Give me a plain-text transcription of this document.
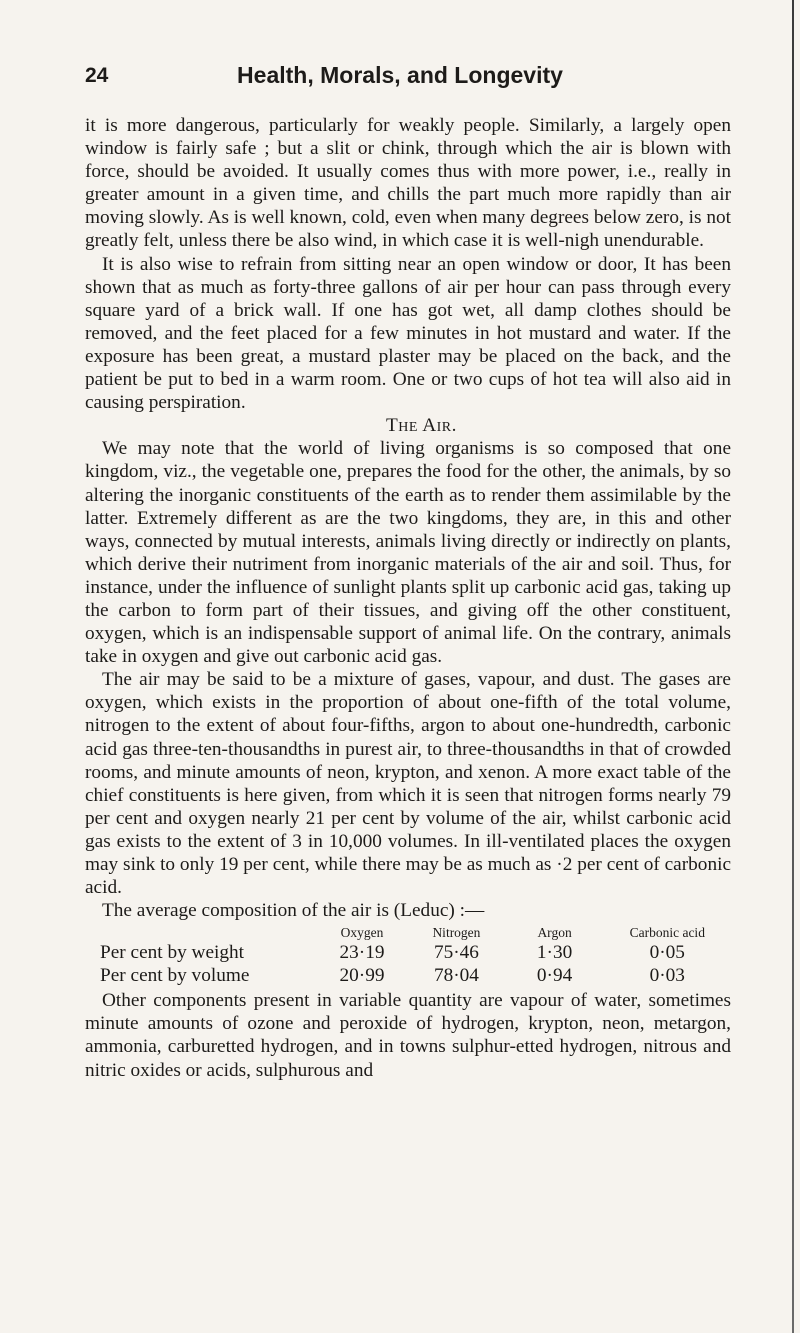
24	Health, Morals, and Longevity

it is more dangerous, particularly for weakly people. Similarly, a largely open window is fairly safe ; but a slit or chink, through which the air is blown with force, should be avoided. It usually comes thus with more power, i.e., really in greater amount in a given time, and chills the part much more rapidly than air moving slowly. As is well known, cold, even when many degrees below zero, is not greatly felt, unless there be also wind, in which case it is well-nigh unendurable.

It is also wise to refrain from sitting near an open window or door, It has been shown that as much as forty-three gallons of air per hour can pass through every square yard of a brick wall. If one has got wet, all damp clothes should be removed, and the feet placed for a few minutes in hot mustard and water. If the exposure has been great, a mustard plaster may be placed on the back, and the patient be put to bed in a warm room. One or two cups of hot tea will also aid in causing perspiration.

The Air.

We may note that the world of living organisms is so composed that one kingdom, viz., the vegetable one, prepares the food for the other, the animals, by so altering the inorganic constituents of the earth as to render them assimilable by the latter. Extremely different as are the two kingdoms, they are, in this and other ways, connected by mutual interests, animals living directly or indirectly on plants, which derive their nutriment from inorganic materials of the air and soil. Thus, for instance, under the influence of sunlight plants split up carbonic acid gas, taking up the carbon to form part of their tissues, and giving off the other constituent, oxygen, which is an indispensable support of animal life. On the contrary, animals take in oxygen and give out carbonic acid gas.

The air may be said to be a mixture of gases, vapour, and dust. The gases are oxygen, which exists in the proportion of about one-fifth of the total volume, nitrogen to the extent of about four-fifths, argon to about one-hundredth, carbonic acid gas three-ten-thousandths in purest air, to three-thousandths in that of crowded rooms, and minute amounts of neon, krypton, and xenon. A more exact table of the chief constituents is here given, from which it is seen that nitrogen forms nearly 79 per cent and oxygen nearly 21 per cent by volume of the air, whilst carbonic acid gas exists to the extent of 3 in 10,000 volumes. In ill-ventilated places the oxygen may sink to only 19 per cent, while there may be as much as ·2 per cent of carbonic acid.

The average composition of the air is (Leduc) :—

	Oxygen	Nitrogen	Argon	Carbonic acid
Per cent by weight	23·19	75·46	1·30	0·05
Per cent by volume	20·99	78·04	0·94	0·03

Other components present in variable quantity are vapour of water, sometimes minute amounts of ozone and peroxide of hydrogen, krypton, neon, metargon, ammonia, carburetted hydrogen, and in towns sulphur-etted hydrogen, nitrous and nitric oxides or acids, sulphurous and
